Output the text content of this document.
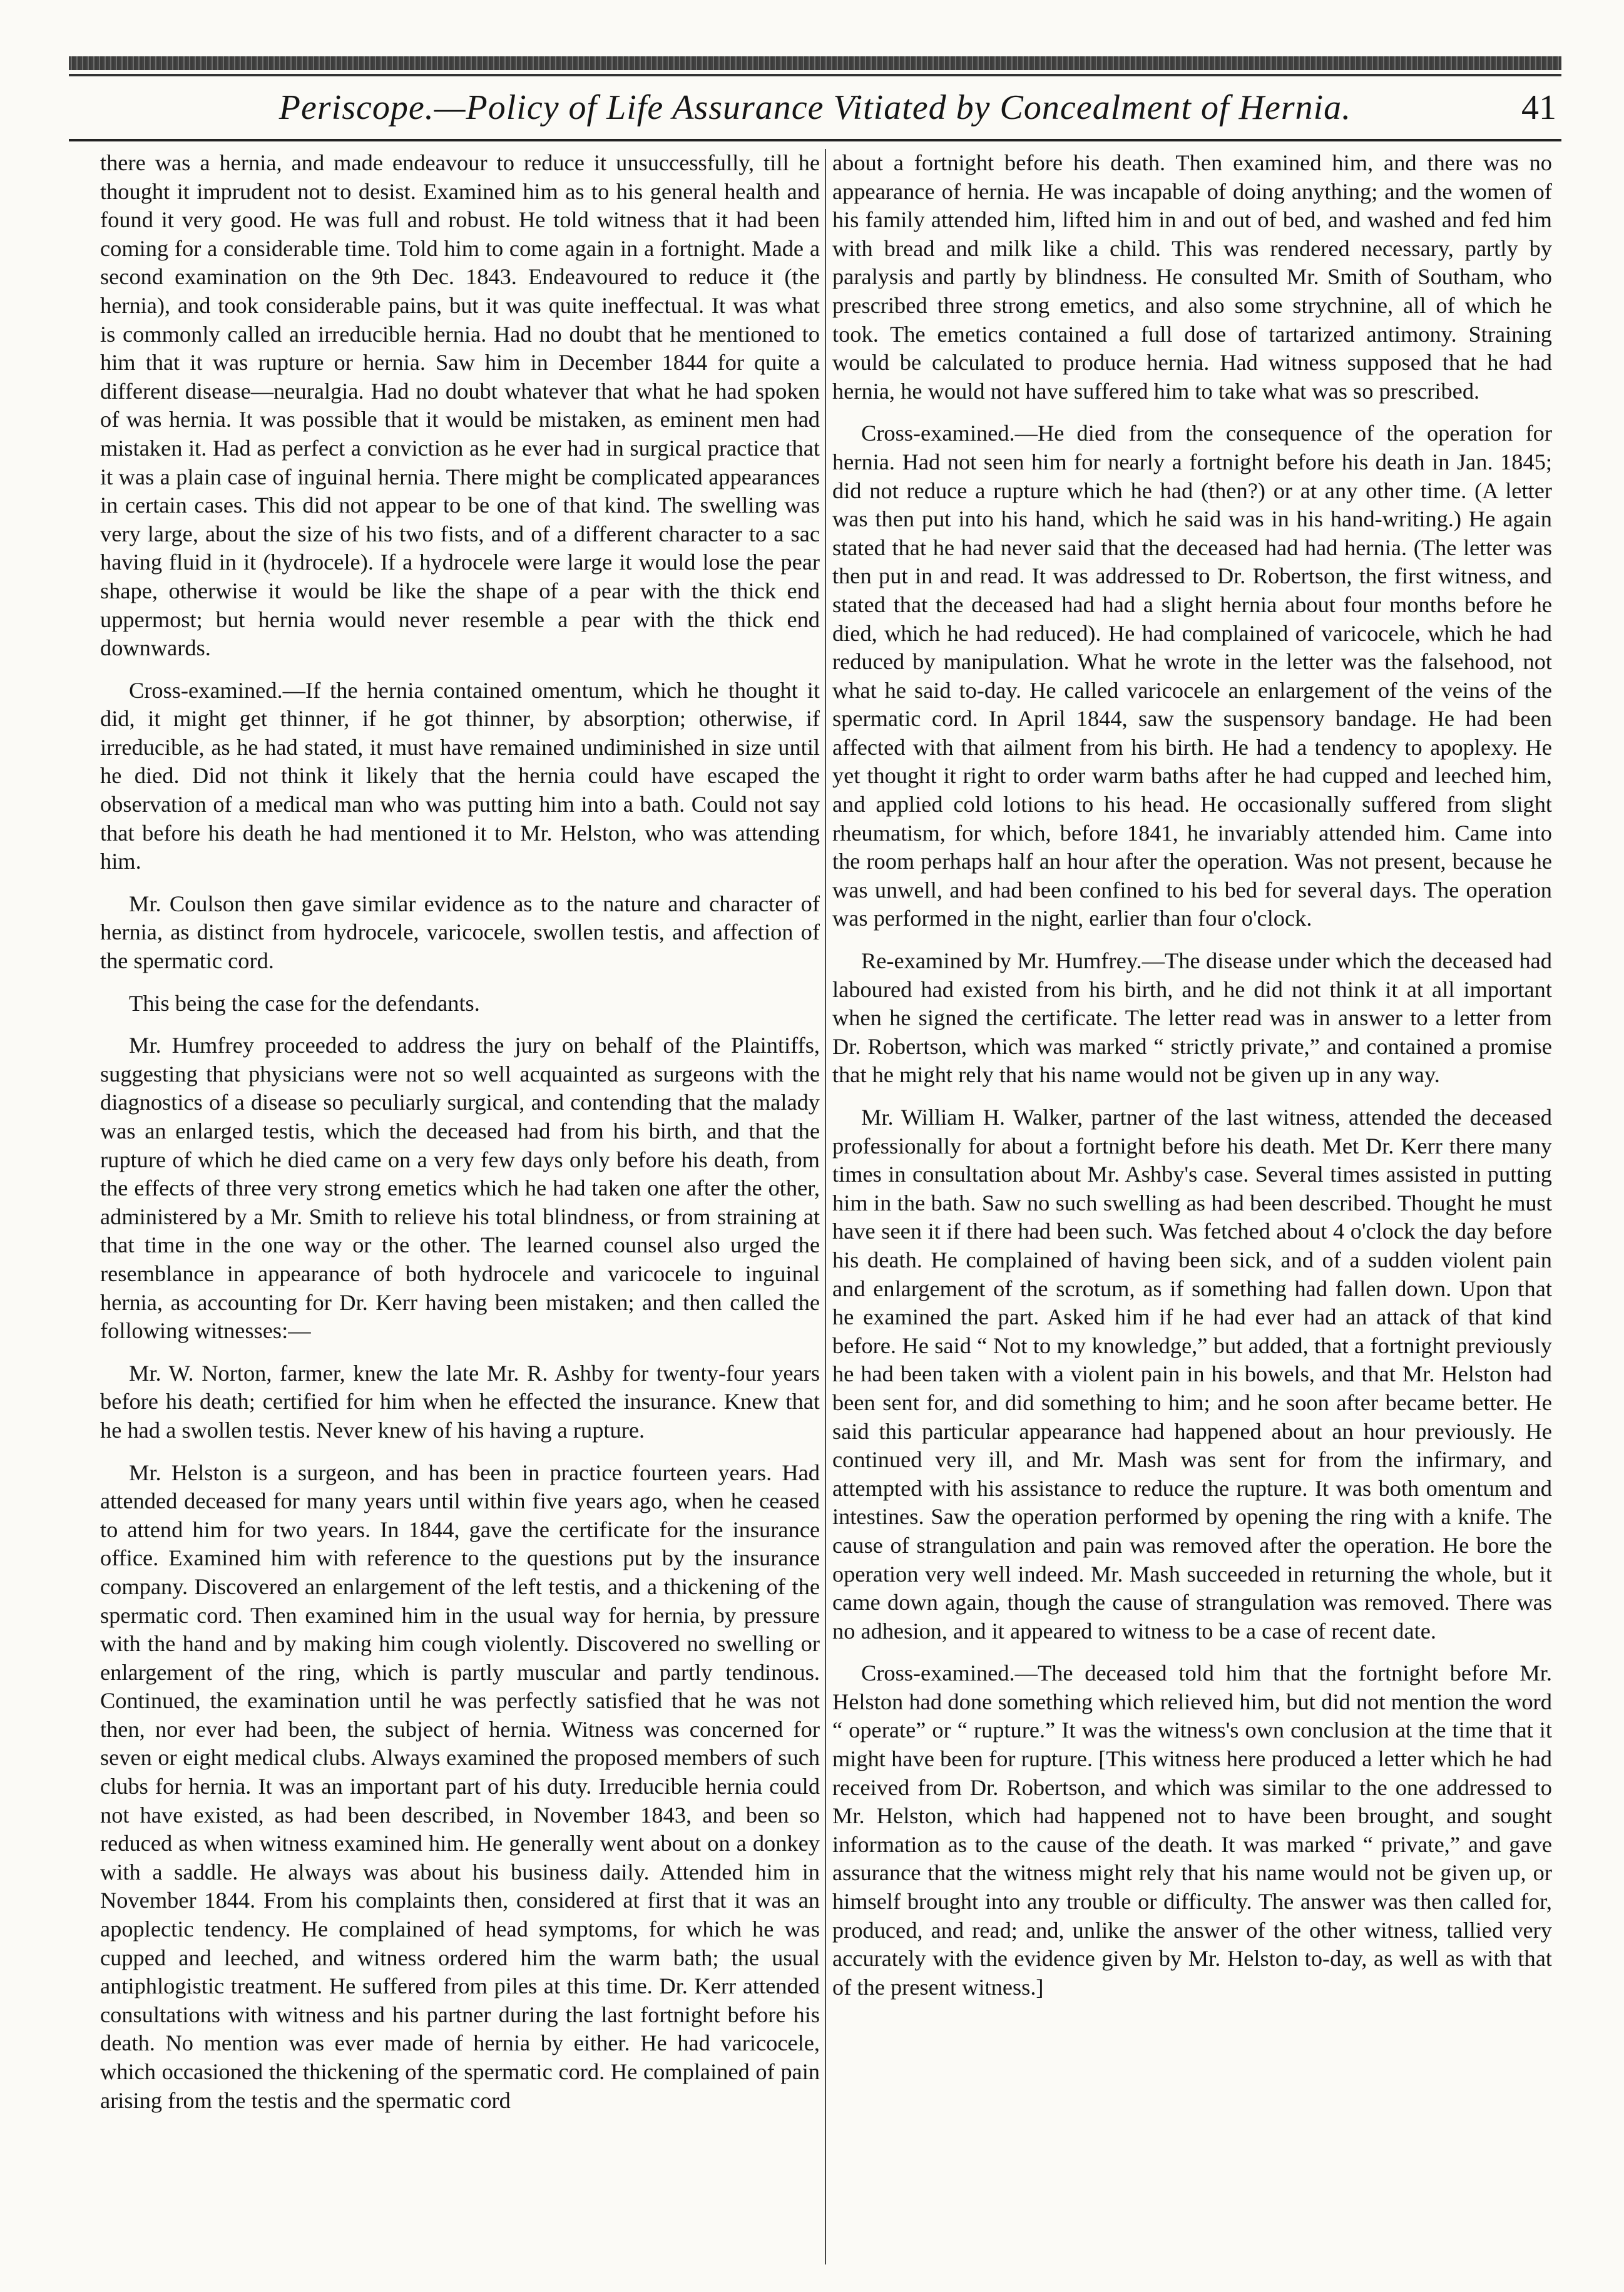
Periscope.—Policy of Life Assurance Vitiated by Concealment of Hernia.	41

there was a hernia, and made endeavour to reduce it unsuccessfully, till he thought it imprudent not to desist. Examined him as to his general health and found it very good. He was full and robust. He told witness that it had been coming for a considerable time. Told him to come again in a fortnight. Made a second examination on the 9th Dec. 1843. Endeavoured to reduce it (the hernia), and took considerable pains, but it was quite ineffectual. It was what is commonly called an irreducible hernia. Had no doubt that he mentioned to him that it was rupture or hernia. Saw him in December 1844 for quite a different disease—neuralgia. Had no doubt whatever that what he had spoken of was hernia. It was possible that it would be mistaken, as eminent men had mistaken it. Had as perfect a conviction as he ever had in surgical practice that it was a plain case of inguinal hernia. There might be complicated appearances in certain cases. This did not appear to be one of that kind. The swelling was very large, about the size of his two fists, and of a different character to a sac having fluid in it (hydrocele). If a hydrocele were large it would lose the pear shape, otherwise it would be like the shape of a pear with the thick end uppermost; but hernia would never resemble a pear with the thick end downwards.

Cross-examined.—If the hernia contained omentum, which he thought it did, it might get thinner, if he got thinner, by absorption; otherwise, if irreducible, as he had stated, it must have remained undiminished in size until he died. Did not think it likely that the hernia could have escaped the observation of a medical man who was putting him into a bath. Could not say that before his death he had mentioned it to Mr. Helston, who was attending him.

Mr. Coulson then gave similar evidence as to the nature and character of hernia, as distinct from hydrocele, varicocele, swollen testis, and affection of the spermatic cord.

This being the case for the defendants.

Mr. Humfrey proceeded to address the jury on behalf of the Plaintiffs, suggesting that physicians were not so well acquainted as surgeons with the diagnostics of a disease so peculiarly surgical, and contending that the malady was an enlarged testis, which the deceased had from his birth, and that the rupture of which he died came on a very few days only before his death, from the effects of three very strong emetics which he had taken one after the other, administered by a Mr. Smith to relieve his total blindness, or from straining at that time in the one way or the other. The learned counsel also urged the resemblance in appearance of both hydrocele and varicocele to inguinal hernia, as accounting for Dr. Kerr having been mistaken; and then called the following witnesses:—

Mr. W. Norton, farmer, knew the late Mr. R. Ashby for twenty-four years before his death; certified for him when he effected the insurance. Knew that he had a swollen testis. Never knew of his having a rupture.

Mr. Helston is a surgeon, and has been in practice fourteen years. Had attended deceased for many years until within five years ago, when he ceased to attend him for two years. In 1844, gave the certificate for the insurance office. Examined him with reference to the questions put by the insurance company. Discovered an enlargement of the left testis, and a thickening of the spermatic cord. Then examined him in the usual way for hernia, by pressure with the hand and by making him cough violently. Discovered no swelling or enlargement of the ring, which is partly muscular and partly tendinous. Continued, the examination until he was perfectly satisfied that he was not then, nor ever had been, the subject of hernia. Witness was concerned for seven or eight medical clubs. Always examined the proposed members of such clubs for hernia. It was an important part of his duty. Irreducible hernia could not have existed, as had been described, in November 1843, and been so reduced as when witness examined him. He generally went about on a donkey with a saddle. He always was about his business daily. Attended him in November 1844. From his complaints then, considered at first that it was an apoplectic tendency. He complained of head symptoms, for which he was cupped and leeched, and witness ordered him the warm bath; the usual antiphlogistic treatment. He suffered from piles at this time. Dr. Kerr attended consultations with witness and his partner during the last fortnight before his death. No mention was ever made of hernia by either. He had varicocele, which occasioned the thickening of the spermatic cord. He complained of pain arising from the testis and the spermatic cord

about a fortnight before his death. Then examined him, and there was no appearance of hernia. He was incapable of doing anything; and the women of his family attended him, lifted him in and out of bed, and washed and fed him with bread and milk like a child. This was rendered necessary, partly by paralysis and partly by blindness. He consulted Mr. Smith of Southam, who prescribed three strong emetics, and also some strychnine, all of which he took. The emetics contained a full dose of tartarized antimony. Straining would be calculated to produce hernia. Had witness supposed that he had hernia, he would not have suffered him to take what was so prescribed.

Cross-examined.—He died from the consequence of the operation for hernia. Had not seen him for nearly a fortnight before his death in Jan. 1845; did not reduce a rupture which he had (then?) or at any other time. (A letter was then put into his hand, which he said was in his hand-writing.) He again stated that he had never said that the deceased had had hernia. (The letter was then put in and read. It was addressed to Dr. Robertson, the first witness, and stated that the deceased had had a slight hernia about four months before he died, which he had reduced). He had complained of varicocele, which he had reduced by manipulation. What he wrote in the letter was the falsehood, not what he said to-day. He called varicocele an enlargement of the veins of the spermatic cord. In April 1844, saw the suspensory bandage. He had been affected with that ailment from his birth. He had a tendency to apoplexy. He yet thought it right to order warm baths after he had cupped and leeched him, and applied cold lotions to his head. He occasionally suffered from slight rheumatism, for which, before 1841, he invariably attended him. Came into the room perhaps half an hour after the operation. Was not present, because he was unwell, and had been confined to his bed for several days. The operation was performed in the night, earlier than four o'clock.

Re-examined by Mr. Humfrey.—The disease under which the deceased had laboured had existed from his birth, and he did not think it at all important when he signed the certificate. The letter read was in answer to a letter from Dr. Robertson, which was marked “ strictly private,” and contained a promise that he might rely that his name would not be given up in any way.

Mr. William H. Walker, partner of the last witness, attended the deceased professionally for about a fortnight before his death. Met Dr. Kerr there many times in consultation about Mr. Ashby's case. Several times assisted in putting him in the bath. Saw no such swelling as had been described. Thought he must have seen it if there had been such. Was fetched about 4 o'clock the day before his death. He complained of having been sick, and of a sudden violent pain and enlargement of the scrotum, as if something had fallen down. Upon that he examined the part. Asked him if he had ever had an attack of that kind before. He said “ Not to my knowledge,” but added, that a fortnight previously he had been taken with a violent pain in his bowels, and that Mr. Helston had been sent for, and did something to him; and he soon after became better. He said this particular appearance had happened about an hour previously. He continued very ill, and Mr. Mash was sent for from the infirmary, and attempted with his assistance to reduce the rupture. It was both omentum and intestines. Saw the operation performed by opening the ring with a knife. The cause of strangulation and pain was removed after the operation. He bore the operation very well indeed. Mr. Mash succeeded in returning the whole, but it came down again, though the cause of strangulation was removed. There was no adhesion, and it appeared to witness to be a case of recent date.

Cross-examined.—The deceased told him that the fortnight before Mr. Helston had done something which relieved him, but did not mention the word “ operate” or “ rupture.” It was the witness's own conclusion at the time that it might have been for rupture. [This witness here produced a letter which he had received from Dr. Robertson, and which was similar to the one addressed to Mr. Helston, which had happened not to have been brought, and sought information as to the cause of the death. It was marked “ private,” and gave assurance that the witness might rely that his name would not be given up, or himself brought into any trouble or difficulty. The answer was then called for, produced, and read; and, unlike the answer of the other witness, tallied very accurately with the evidence given by Mr. Helston to-day, as well as with that of the present witness.]
